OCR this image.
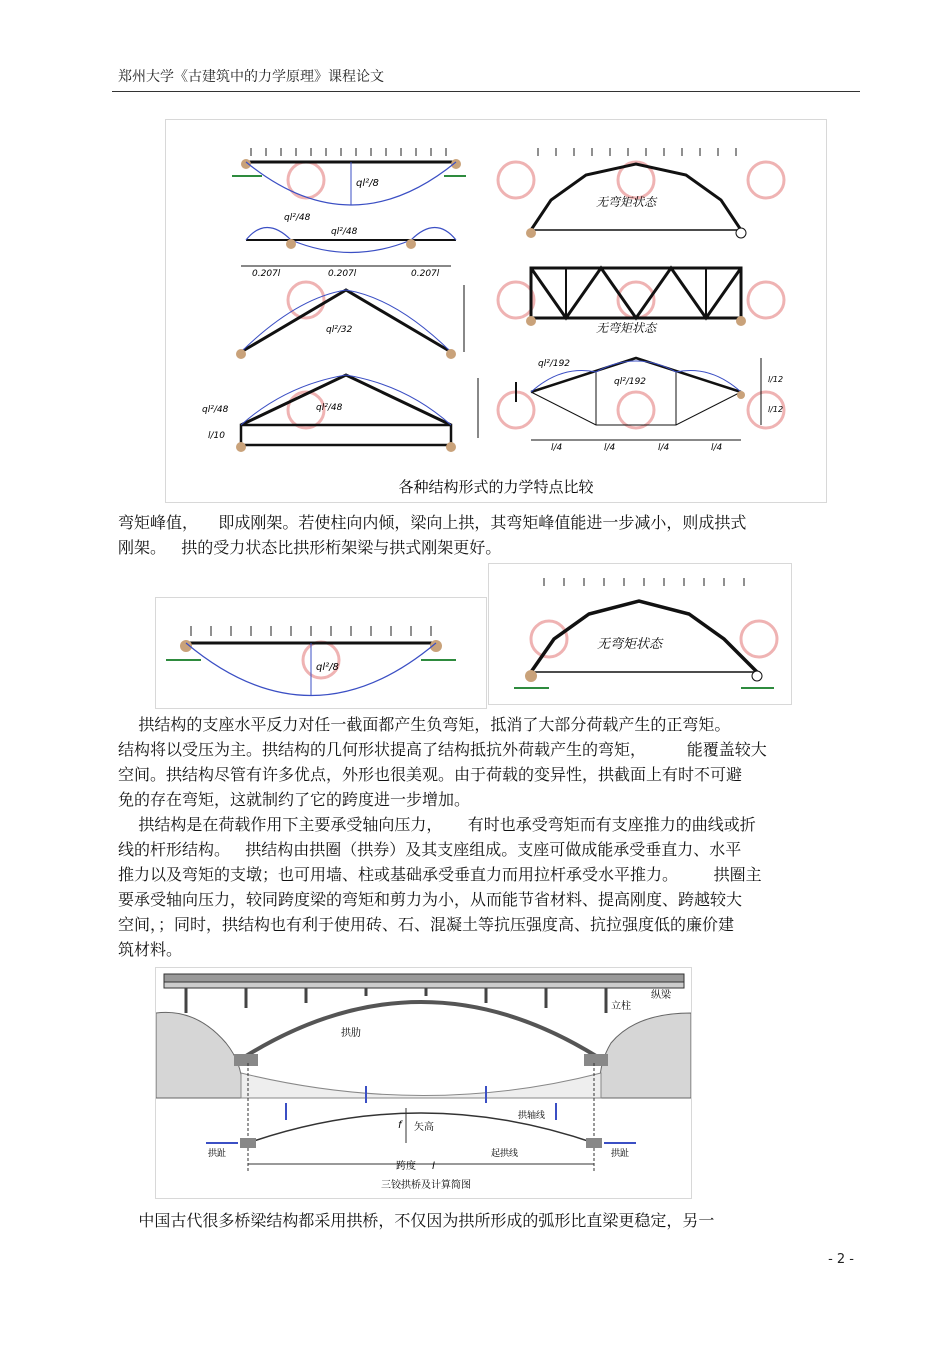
郑州大学《古建筑中的力学原理》课程论文
ql²/8
ql²/48
ql²/48
0.207l	0.207l	0.207l
ql²/32
ql²/48
l/10
ql²/48
无弯矩状态
无弯矩状态
ql²/192
ql²/192	l/12
l/12
l/4	l/4	l/4	l/4
各种结构形式的力学特点比较
弯矩峰值，    即成刚架。若使柱向内倾，梁向上拱，其弯矩峰值能进一步减小，则成拱式
刚架。   拱的受力状态比拱形桁架梁与拱式刚架更好。
ql²/8
无弯矩状态
拱结构的支座水平反力对任一截面都产生负弯矩，抵消了大部分荷载产生的正弯矩。
结构将以受压为主。拱结构的几何形状提高了结构抵抗外荷载产生的弯矩，        能覆盖较大
空间。拱结构尽管有许多优点，外形也很美观。由于荷载的变异性，拱截面上有时不可避
免的存在弯矩，这就制约了它的跨度进一步增加。
拱结构是在荷载作用下主要承受轴向压力，     有时也承受弯矩而有支座推力的曲线或折
线的杆形结构。   拱结构由拱圈（拱券）及其支座组成。支座可做成能承受垂直力、水平
推力以及弯矩的支墩；也可用墙、柱或基础承受垂直力而用拉杆承受水平推力。       拱圈主
要承受轴向压力，较同跨度梁的弯矩和剪力为小，从而能节省材料、提高刚度、跨越较大
空间，；同时，拱结构也有利于使用砖、石、混凝土等抗压强度高、抗拉强度低的廉价建
筑材料。
立柱
纵梁
拱肋
f 矢高
拱轴线
起拱线
拱趾	拱趾
跨度 l
三铰拱桥及计算简图
中国古代很多桥梁结构都采用拱桥，不仅因为拱所形成的弧形比直梁更稳定，另一
- 2 -
